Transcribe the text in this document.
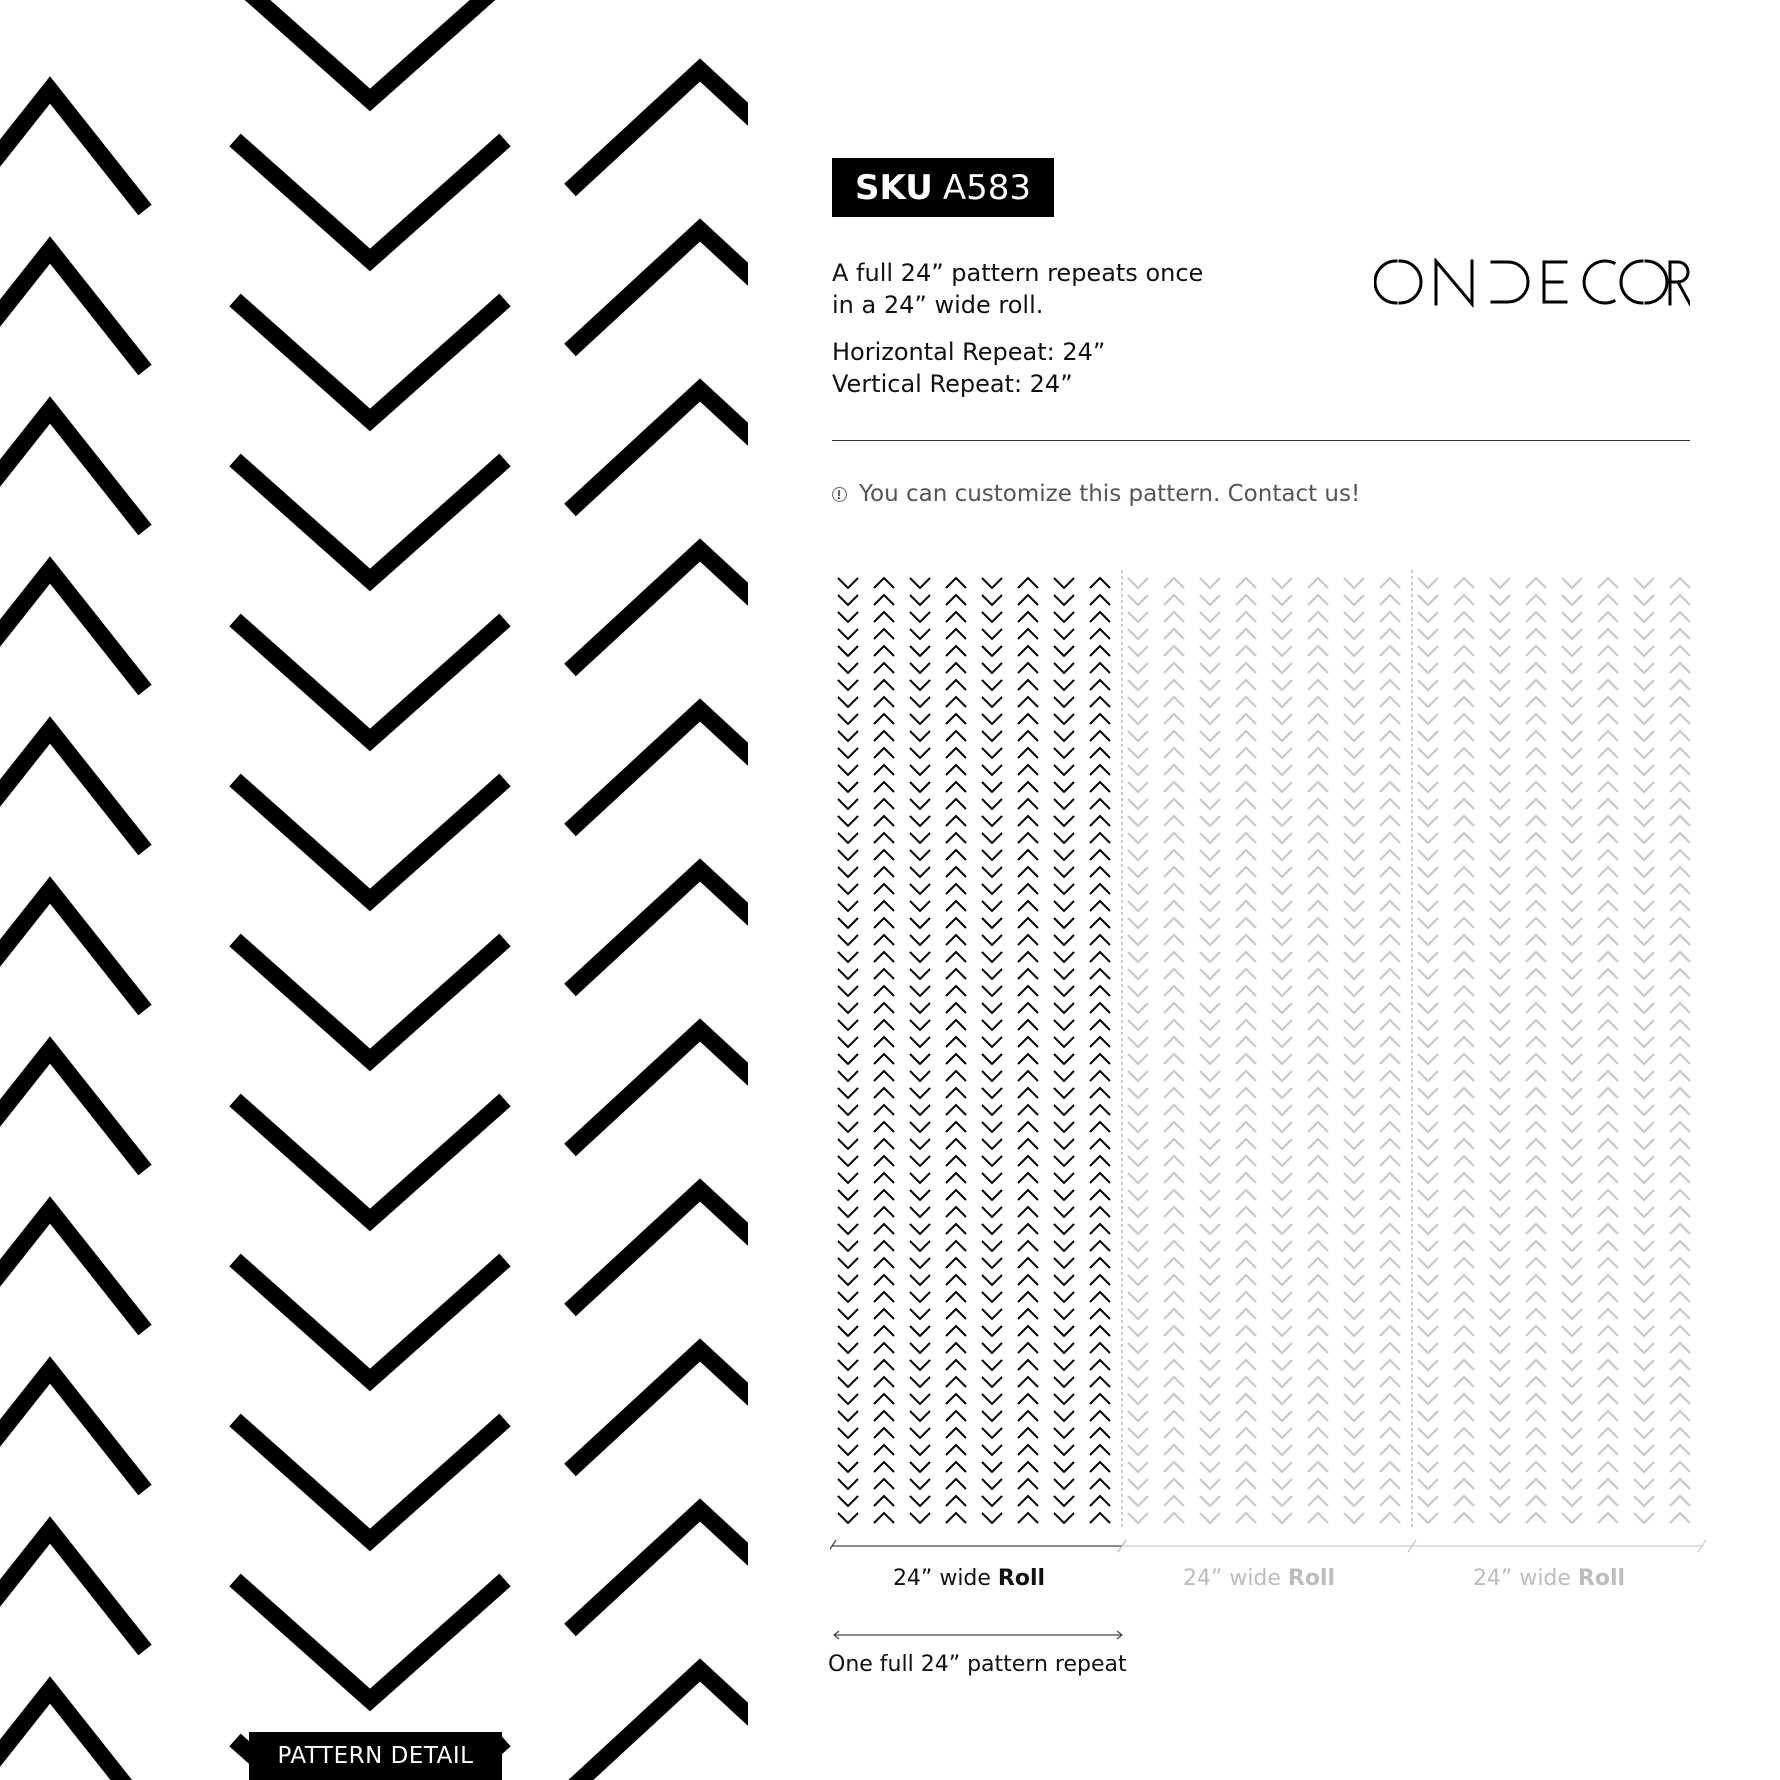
PATTERN DETAIL
SKU A583
A full 24” pattern repeats once
in a 24” wide roll.
Horizontal Repeat: 24”
Vertical Repeat: 24”
You can customize this pattern. Contact us!
24” wide Roll	24” wide Roll	24” wide Roll
One full 24” pattern repeat
